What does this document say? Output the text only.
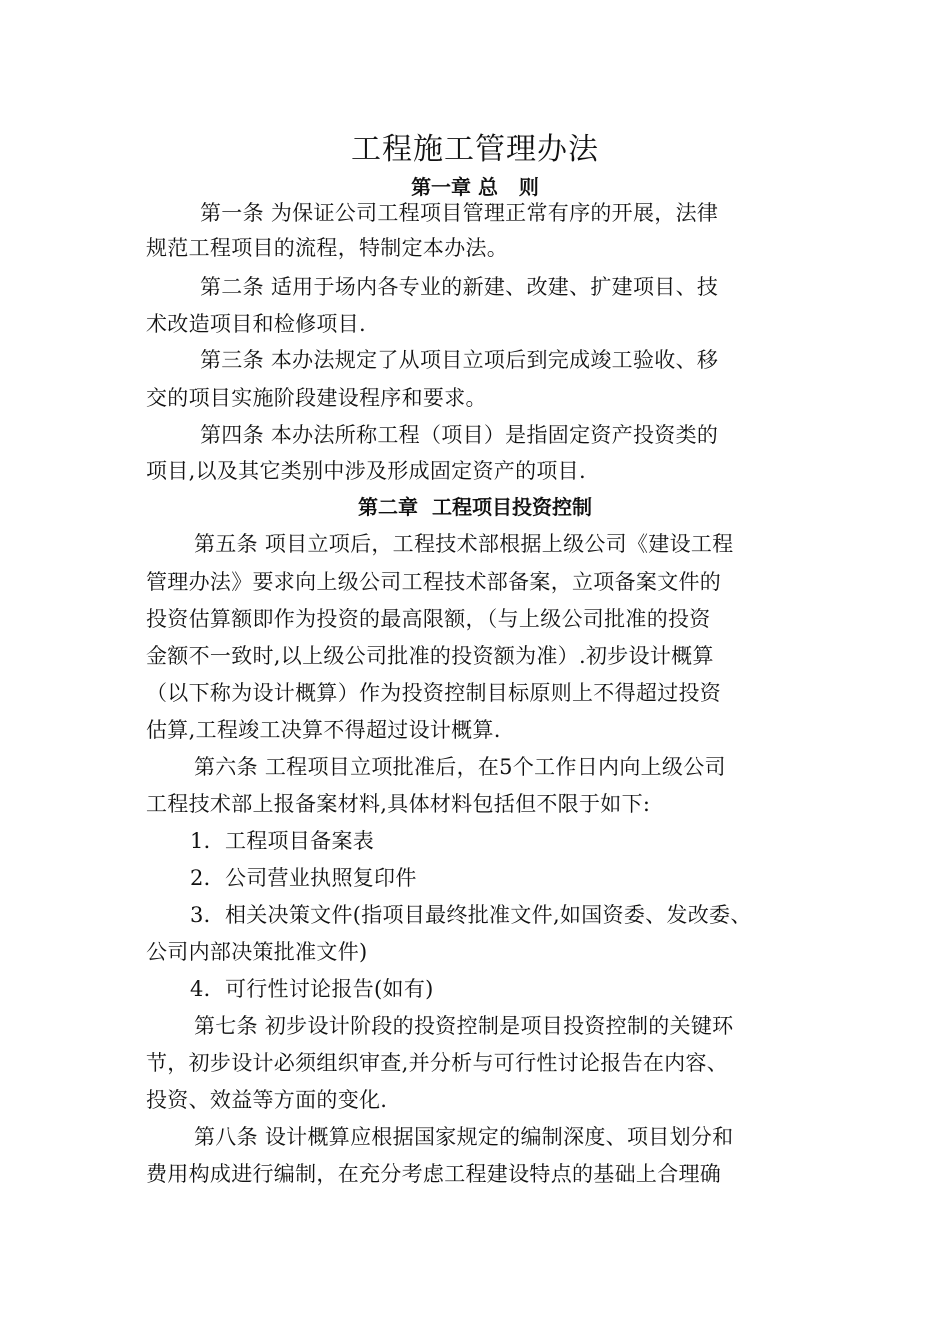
工程施工管理办法
第一章 总   则
第一条 为保证公司工程项目管理正常有序的开展，法律
规范工程项目的流程，特制定本办法。
第二条 适用于场内各专业的新建、改建、扩建项目、技
术改造项目和检修项目.
第三条 本办法规定了从项目立项后到完成竣工验收、移
交的项目实施阶段建设程序和要求。
第四条 本办法所称工程（项目）是指固定资产投资类的
项目,以及其它类别中涉及形成固定资产的项目.
第二章  工程项目投资控制
第五条 项目立项后，工程技术部根据上级公司《建设工程
管理办法》要求向上级公司工程技术部备案，立项备案文件的
投资估算额即作为投资的最高限额，（与上级公司批准的投资
金额不一致时,以上级公司批准的投资额为准）.初步设计概算
（以下称为设计概算）作为投资控制目标原则上不得超过投资
估算,工程竣工决算不得超过设计概算.
第六条 工程项目立项批准后，在5个工作日内向上级公司
工程技术部上报备案材料,具体材料包括但不限于如下:
1．工程项目备案表
2．公司营业执照复印件
3．相关决策文件(指项目最终批准文件,如国资委、发改委、
公司内部决策批准文件)
4．可行性讨论报告(如有)
第七条 初步设计阶段的投资控制是项目投资控制的关键环
节，初步设计必须组织审查,并分析与可行性讨论报告在内容、
投资、效益等方面的变化.
第八条 设计概算应根据国家规定的编制深度、项目划分和
费用构成进行编制，在充分考虑工程建设特点的基础上合理确
